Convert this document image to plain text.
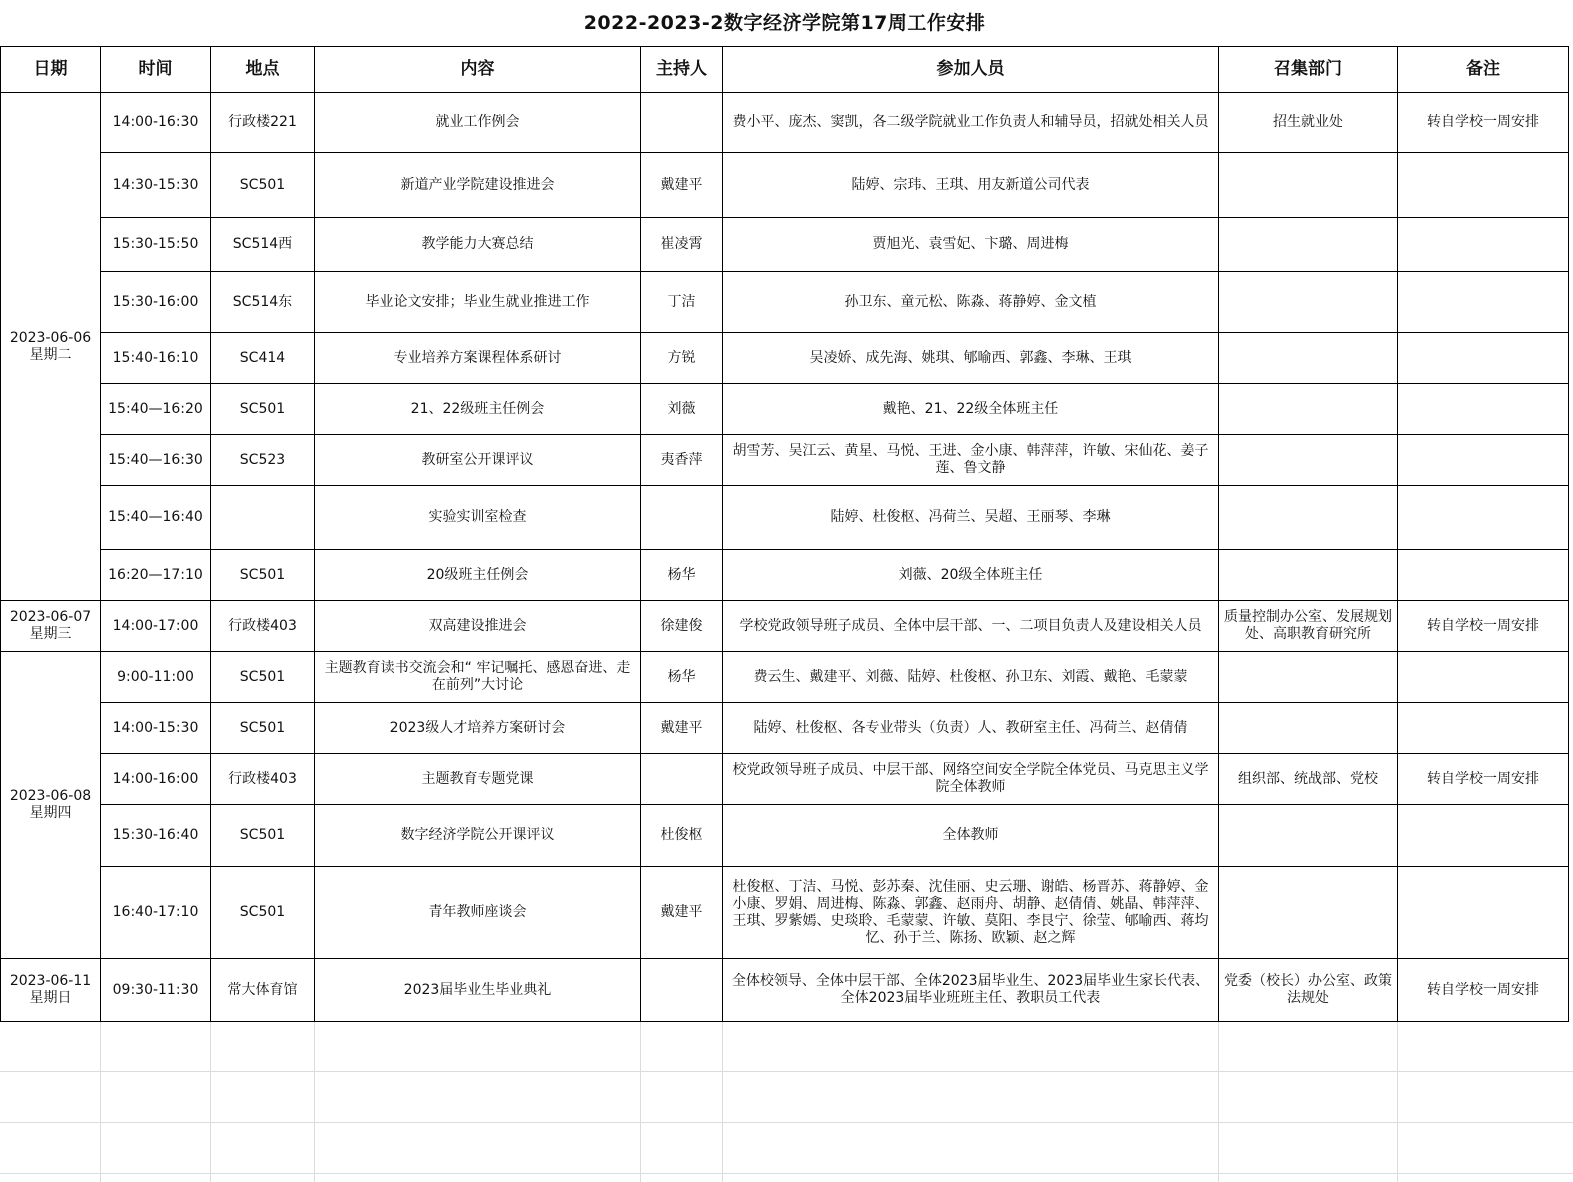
2022-2023-2数字经济学院第17周工作安排							
日期	时间	地点	内容	主持人	参加人员	召集部门	备注

2023-06-06
星期二	14:00-16:30	行政楼221	就业工作例会		费小平、庞杰、窦凯，各二级学院就业工作负责人和辅导员，招就处相关人员	招生就业处	转自学校一周安排
	14:30-15:30	SC501	新道产业学院建设推进会	戴建平	陆婷、宗玮、王琪、用友新道公司代表		
	15:30-15:50	SC514西	教学能力大赛总结	崔凌霄	贾旭光、袁雪妃、卞璐、周进梅		
	15:30-16:00	SC514东	毕业论文安排；毕业生就业推进工作	丁洁	孙卫东、童元松、陈淼、蒋静婷、金文植		
	15:40-16:10	SC414	专业培养方案课程体系研讨	方锐	吴凌娇、成先海、姚琪、郇喻西、郭鑫、李琳、王琪		
	15:40—16:20	SC501	21、22级班主任例会	刘薇	戴艳、21、22级全体班主任		
	15:40—16:30	SC523	教研室公开课评议	夷香萍	胡雪芳、吴江云、黄星、马悦、王进、金小康、韩萍萍，许敏、宋仙花、姜子莲、鲁文静		
	15:40—16:40		实验实训室检查		陆婷、杜俊枢、冯荷兰、吴超、王丽琴、李琳		
	16:20—17:10	SC501	20级班主任例会	杨华	刘薇、20级全体班主任		

2023-06-07
星期三	14:00-17:00	行政楼403	双高建设推进会	徐建俊	学校党政领导班子成员、全体中层干部、一、二项目负责人及建设相关人员	质量控制办公室、发展规划处、高职教育研究所	转自学校一周安排

2023-06-08
星期四	9:00-11:00	SC501	主题教育读书交流会和“ 牢记嘱托、感恩奋进、走在前列”大讨论	杨华	费云生、戴建平、刘薇、陆婷、杜俊枢、孙卫东、刘霞、戴艳、毛蒙蒙		
	14:00-15:30	SC501	2023级人才培养方案研讨会	戴建平	陆婷、杜俊枢、各专业带头（负责）人、教研室主任、冯荷兰、赵倩倩		
	14:00-16:00	行政楼403	主题教育专题党课		校党政领导班子成员、中层干部、网络空间安全学院全体党员、马克思主义学院全体教师	组织部、统战部、党校	转自学校一周安排
	15:30-16:40	SC501	数字经济学院公开课评议	杜俊枢	全体教师		
	16:40-17:10	SC501	青年教师座谈会	戴建平	杜俊枢、丁洁、马悦、彭苏秦、沈佳丽、史云珊、谢皓、杨晋苏、蒋静婷、金小康、罗娟、周进梅、陈淼、郭鑫、赵雨舟、胡静、赵倩倩、姚晶、韩萍萍、王琪、罗紫嫣、史琰聆、毛蒙蒙、许敏、莫阳、李艮宁、徐莹、郇喻西、蒋均忆、孙于兰、陈扬、欧颖、赵之辉		

2023-06-11
星期日	09:30-11:30	常大体育馆	2023届毕业生毕业典礼		全体校领导、全体中层干部、全体2023届毕业生、2023届毕业生家长代表、全体2023届毕业班班主任、教职员工代表	党委（校长）办公室、政策法规处	转自学校一周安排
